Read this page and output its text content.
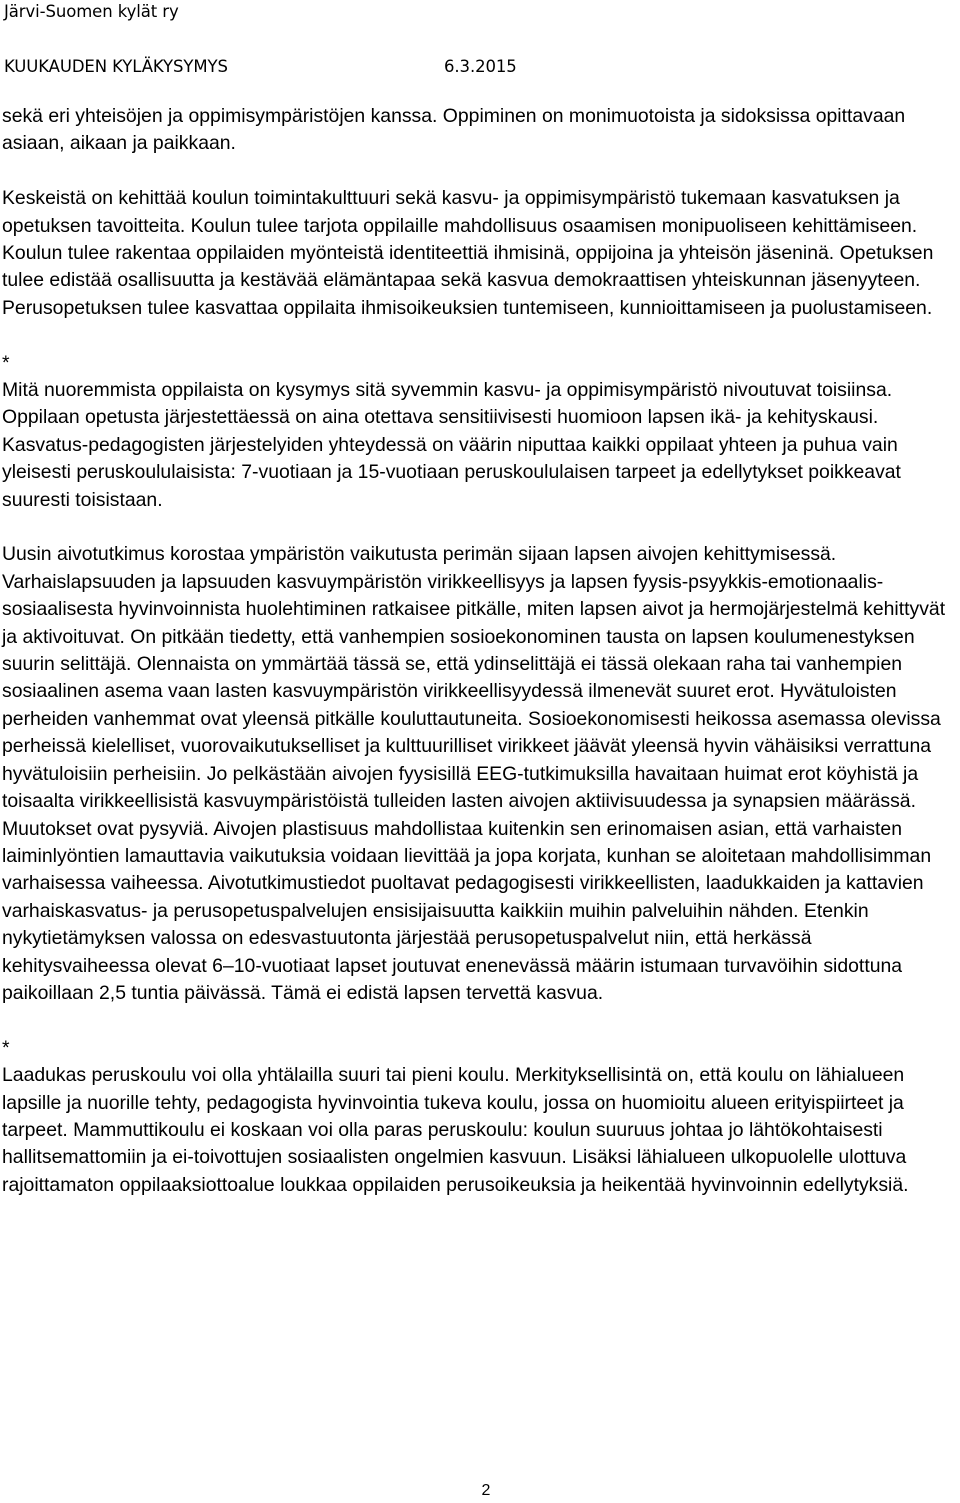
Järvi-Suomen kylät ry
KUUKAUDEN KYLÄKYSYMYS	6.3.2015

sekä eri yhteisöjen ja oppimisympäristöjen kanssa. Oppiminen on monimuotoista ja sidoksissa opittavaan asiaan, aikaan ja paikkaan.

Keskeistä on kehittää koulun toimintakulttuuri sekä kasvu- ja oppimisympäristö tukemaan kasvatuksen ja opetuksen tavoitteita. Koulun tulee tarjota oppilaille mahdollisuus osaamisen monipuoliseen kehittämiseen. Koulun tulee rakentaa oppilaiden myönteistä identiteettiä ihmisinä, oppijoina ja yhteisön jäseninä. Opetuksen tulee edistää osallisuutta ja kestävää elämäntapaa sekä kasvua demokraattisen yhteiskunnan jäsenyyteen. Perusopetuksen tulee kasvattaa oppilaita ihmisoikeuksien tuntemiseen, kunnioittamiseen ja puolustamiseen.

*

Mitä nuoremmista oppilaista on kysymys sitä syvemmin kasvu- ja oppimisympäristö nivoutuvat toisiinsa. Oppilaan opetusta järjestettäessä on aina otettava sensitiivisesti huomioon lapsen ikä- ja kehityskausi. Kasvatus-pedagogisten järjestelyiden yhteydessä on väärin niputtaa kaikki oppilaat yhteen ja puhua vain yleisesti peruskoululaisista: 7-vuotiaan ja 15-vuotiaan peruskoululaisen tarpeet ja edellytykset poikkeavat suuresti toisistaan.

Uusin aivotutkimus korostaa ympäristön vaikutusta perimän sijaan lapsen aivojen kehittymisessä. Varhaislapsuuden ja lapsuuden kasvuympäristön virikkeellisyys ja lapsen fyysis-psyykkis-emotionaalis-sosiaalisesta hyvinvoinnista huolehtiminen ratkaisee pitkälle, miten lapsen aivot ja hermojärjestelmä kehittyvät ja aktivoituvat. On pitkään tiedetty, että vanhempien sosioekonominen tausta on lapsen koulumenestyksen suurin selittäjä. Olennaista on ymmärtää tässä se, että ydinselittäjä ei tässä olekaan raha tai vanhempien sosiaalinen asema vaan lasten kasvuympäristön virikkeellisyydessä ilmenevät suuret erot. Hyvätuloisten perheiden vanhemmat ovat yleensä pitkälle kouluttautuneita. Sosioekonomisesti heikossa asemassa olevissa perheissä kielelliset, vuorovaikutukselliset ja kulttuurilliset virikkeet jäävät yleensä hyvin vähäisiksi verrattuna hyvätuloisiin perheisiin. Jo pelkästään aivojen fyysisillä EEG-tutkimuksilla havaitaan huimat erot köyhistä ja toisaalta virikkeellisistä kasvuympäristöistä tulleiden lasten aivojen aktiivisuudessa ja synapsien määrässä. Muutokset ovat pysyviä. Aivojen plastisuus mahdollistaa kuitenkin sen erinomaisen asian, että varhaisten laiminlyöntien lamauttavia vaikutuksia voidaan lievittää ja jopa korjata, kunhan se aloitetaan mahdollisimman varhaisessa vaiheessa. Aivotutkimustiedot puoltavat pedagogisesti virikkeellisten, laadukkaiden ja kattavien varhaiskasvatus- ja perusopetuspalvelujen ensisijaisuutta kaikkiin muihin palveluihin nähden. Etenkin nykytietämyksen valossa on edesvastuutonta järjestää perusopetuspalvelut niin, että herkässä kehitysvaiheessa olevat 6–10-vuotiaat lapset joutuvat enenevässä määrin istumaan turvavöihin sidottuna paikoillaan 2,5 tuntia päivässä. Tämä ei edistä lapsen tervettä kasvua.

*

Laadukas peruskoulu voi olla yhtälailla suuri tai pieni koulu. Merkityksellisintä on, että koulu on lähialueen lapsille ja nuorille tehty, pedagogista hyvinvointia tukeva koulu, jossa on huomioitu alueen erityispiirteet ja tarpeet. Mammuttikoulu ei koskaan voi olla paras peruskoulu: koulun suuruus johtaa jo lähtökohtaisesti hallitsemattomiin ja ei-toivottujen sosiaalisten ongelmien kasvuun. Lisäksi lähialueen ulkopuolelle ulottuva rajoittamaton oppilaaksiottoalue loukkaa oppilaiden perusoikeuksia ja heikentää hyvinvoinnin edellytyksiä.

2
